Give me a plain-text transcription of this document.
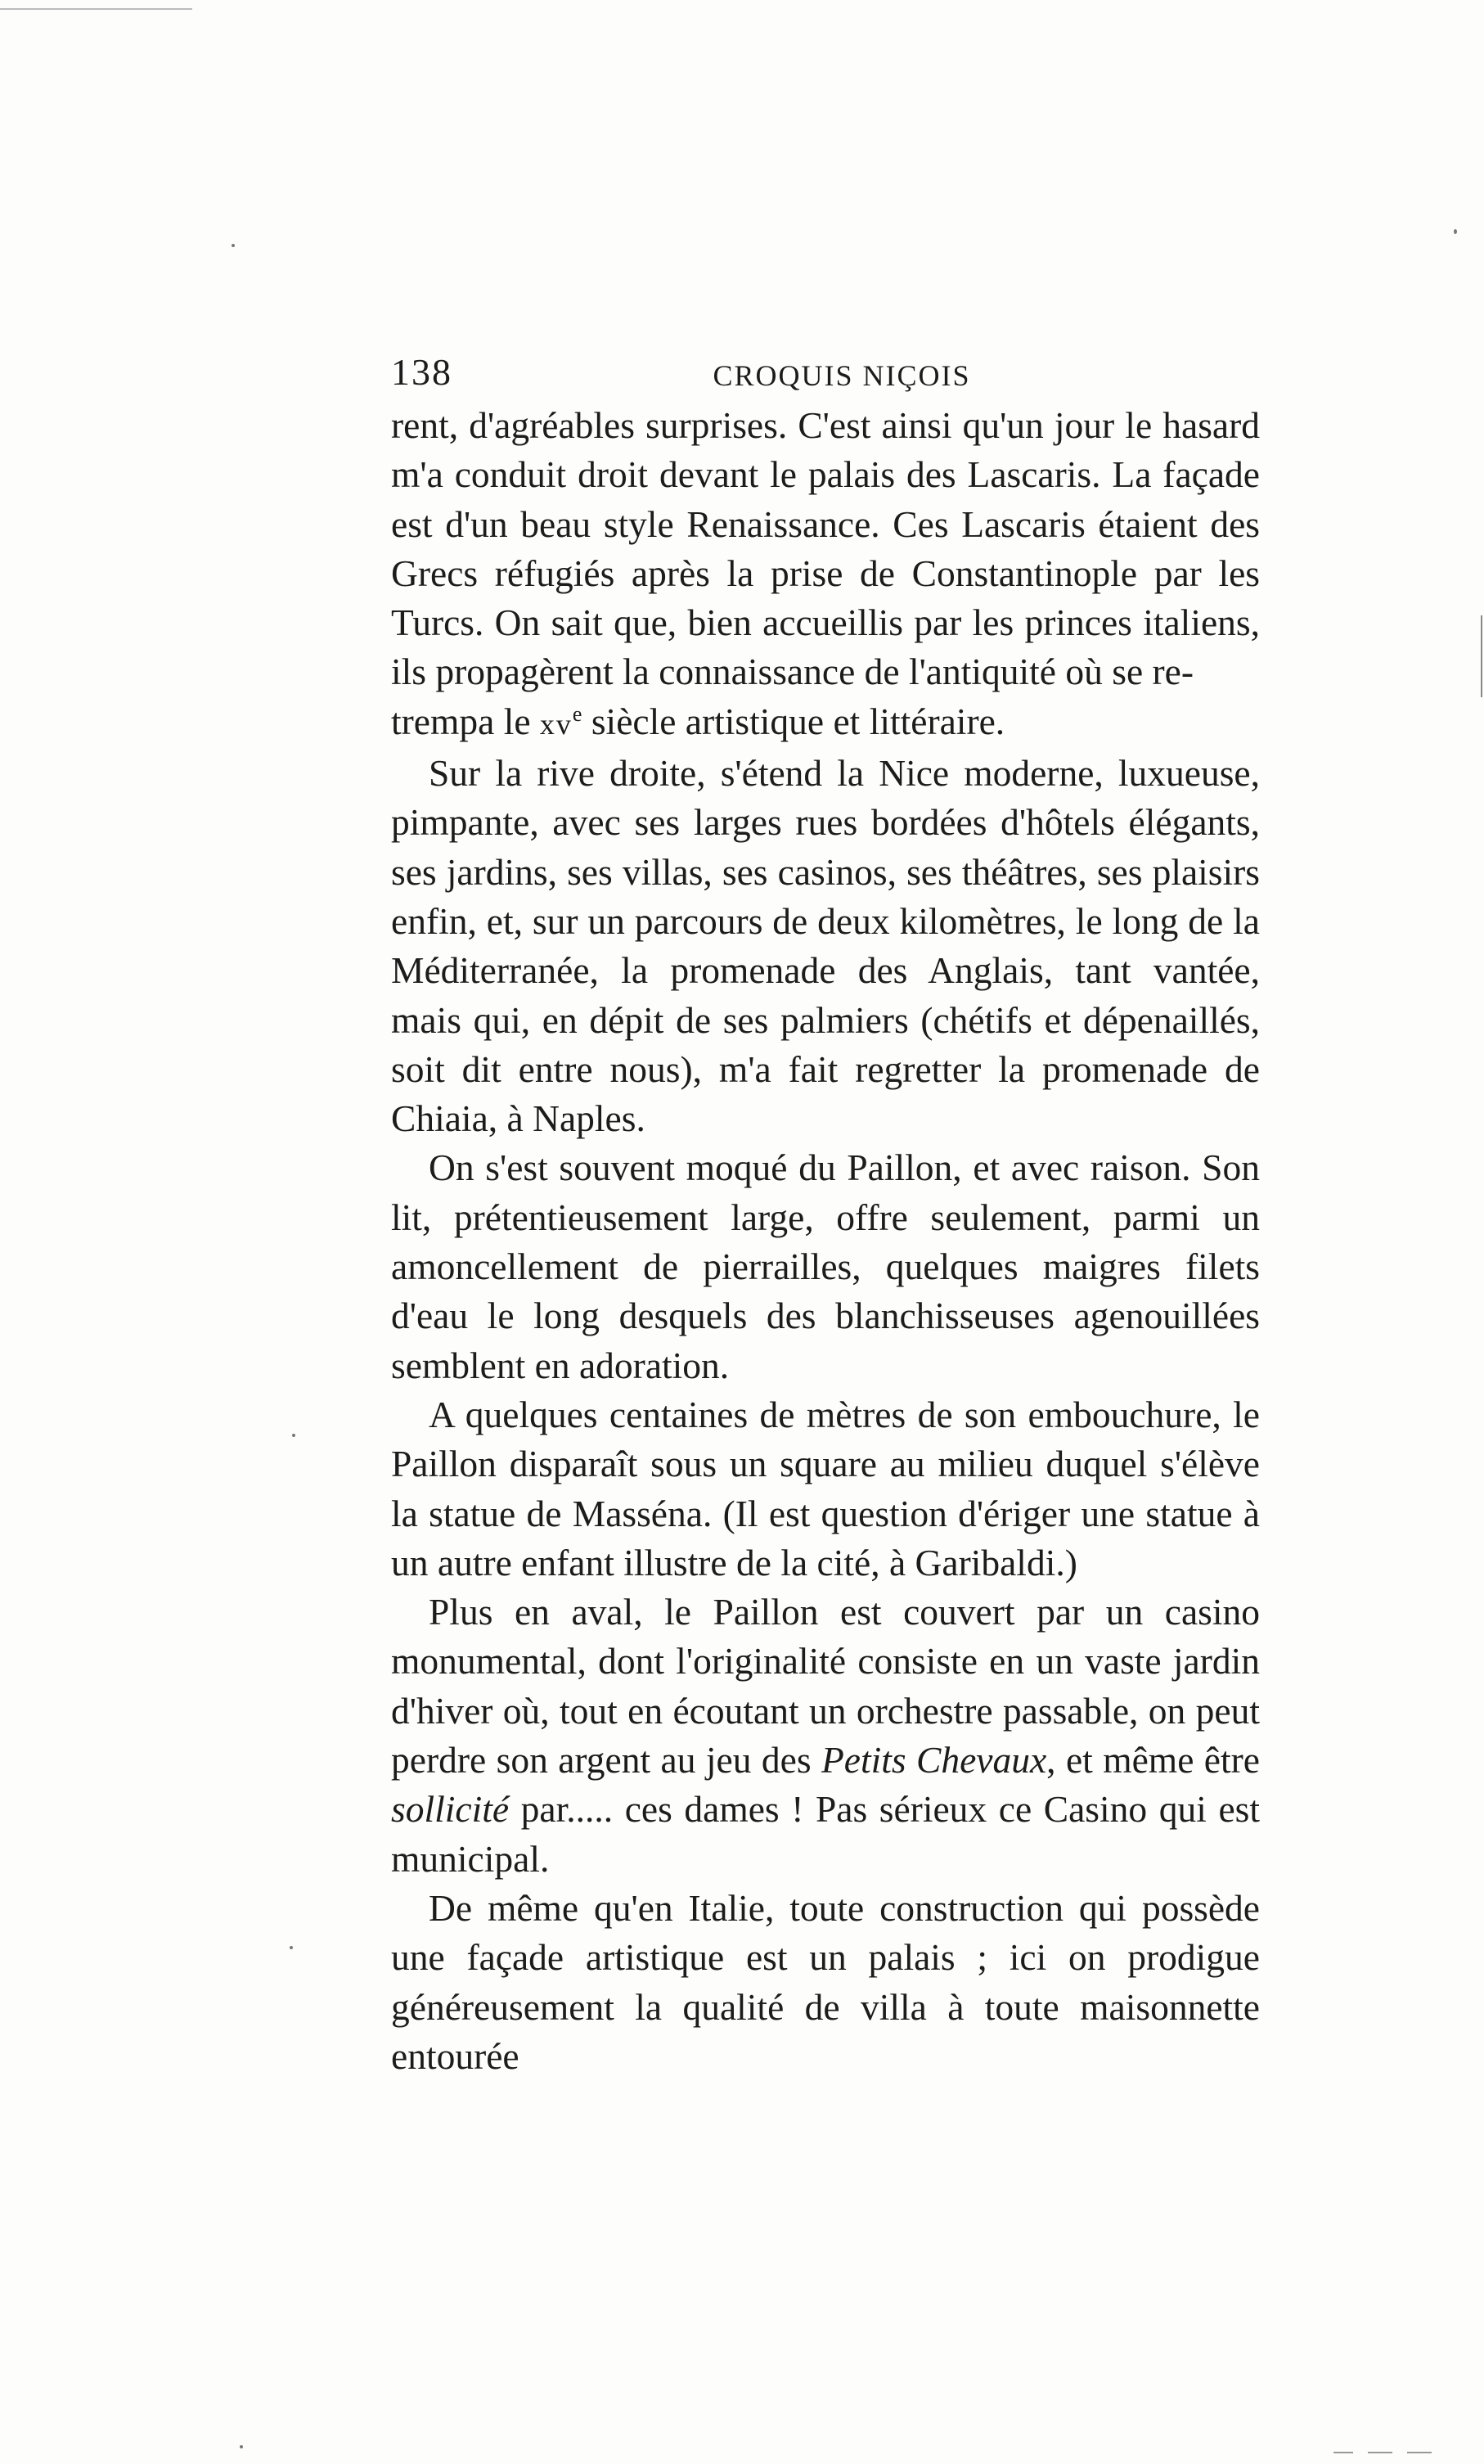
138	CROQUIS NIÇOIS

rent, d'agréables surprises. C'est ainsi qu'un jour le hasard m'a conduit droit devant le palais des Lascaris. La façade est d'un beau style Renaissance. Ces Lascaris étaient des Grecs réfugiés après la prise de Constantinople par les Turcs. On sait que, bien accueillis par les princes italiens, ils propagèrent la connaissance de l'antiquité où se re-
trempa le $xv^e$ siècle artistique et littéraire.

Sur la rive droite, s'étend la Nice moderne, luxueuse, pimpante, avec ses larges rues bordées d'hôtels élégants, ses jardins, ses villas, ses casinos, ses théâtres, ses plaisirs enfin, et, sur un parcours de deux kilomètres, le long de la Méditerranée, la promenade des Anglais, tant vantée, mais qui, en dépit de ses palmiers (chétifs et dépenaillés, soit dit entre nous), m'a fait regretter la promenade de Chiaia, à Naples.

On s'est souvent moqué du Paillon, et avec raison. Son lit, prétentieusement large, offre seulement, parmi un amoncellement de pierrailles, quelques maigres filets d'eau le long desquels des blanchisseuses agenouillées semblent en adoration.

A quelques centaines de mètres de son embouchure, le Paillon disparaît sous un square au milieu duquel s'élève la statue de Masséna. (Il est question d'ériger une statue à un autre enfant illustre de la cité, à Garibaldi.)

Plus en aval, le Paillon est couvert par un casino monumental, dont l'originalité consiste en un vaste jardin d'hiver où, tout en écoutant un orchestre passable, on peut perdre son argent au jeu des Petits Chevaux, et même être sollicité par..... ces dames ! Pas sérieux ce Casino qui est municipal.

De même qu'en Italie, toute construction qui possède une façade artistique est un palais ; ici on prodigue généreusement la qualité de villa à toute maisonnette entourée
